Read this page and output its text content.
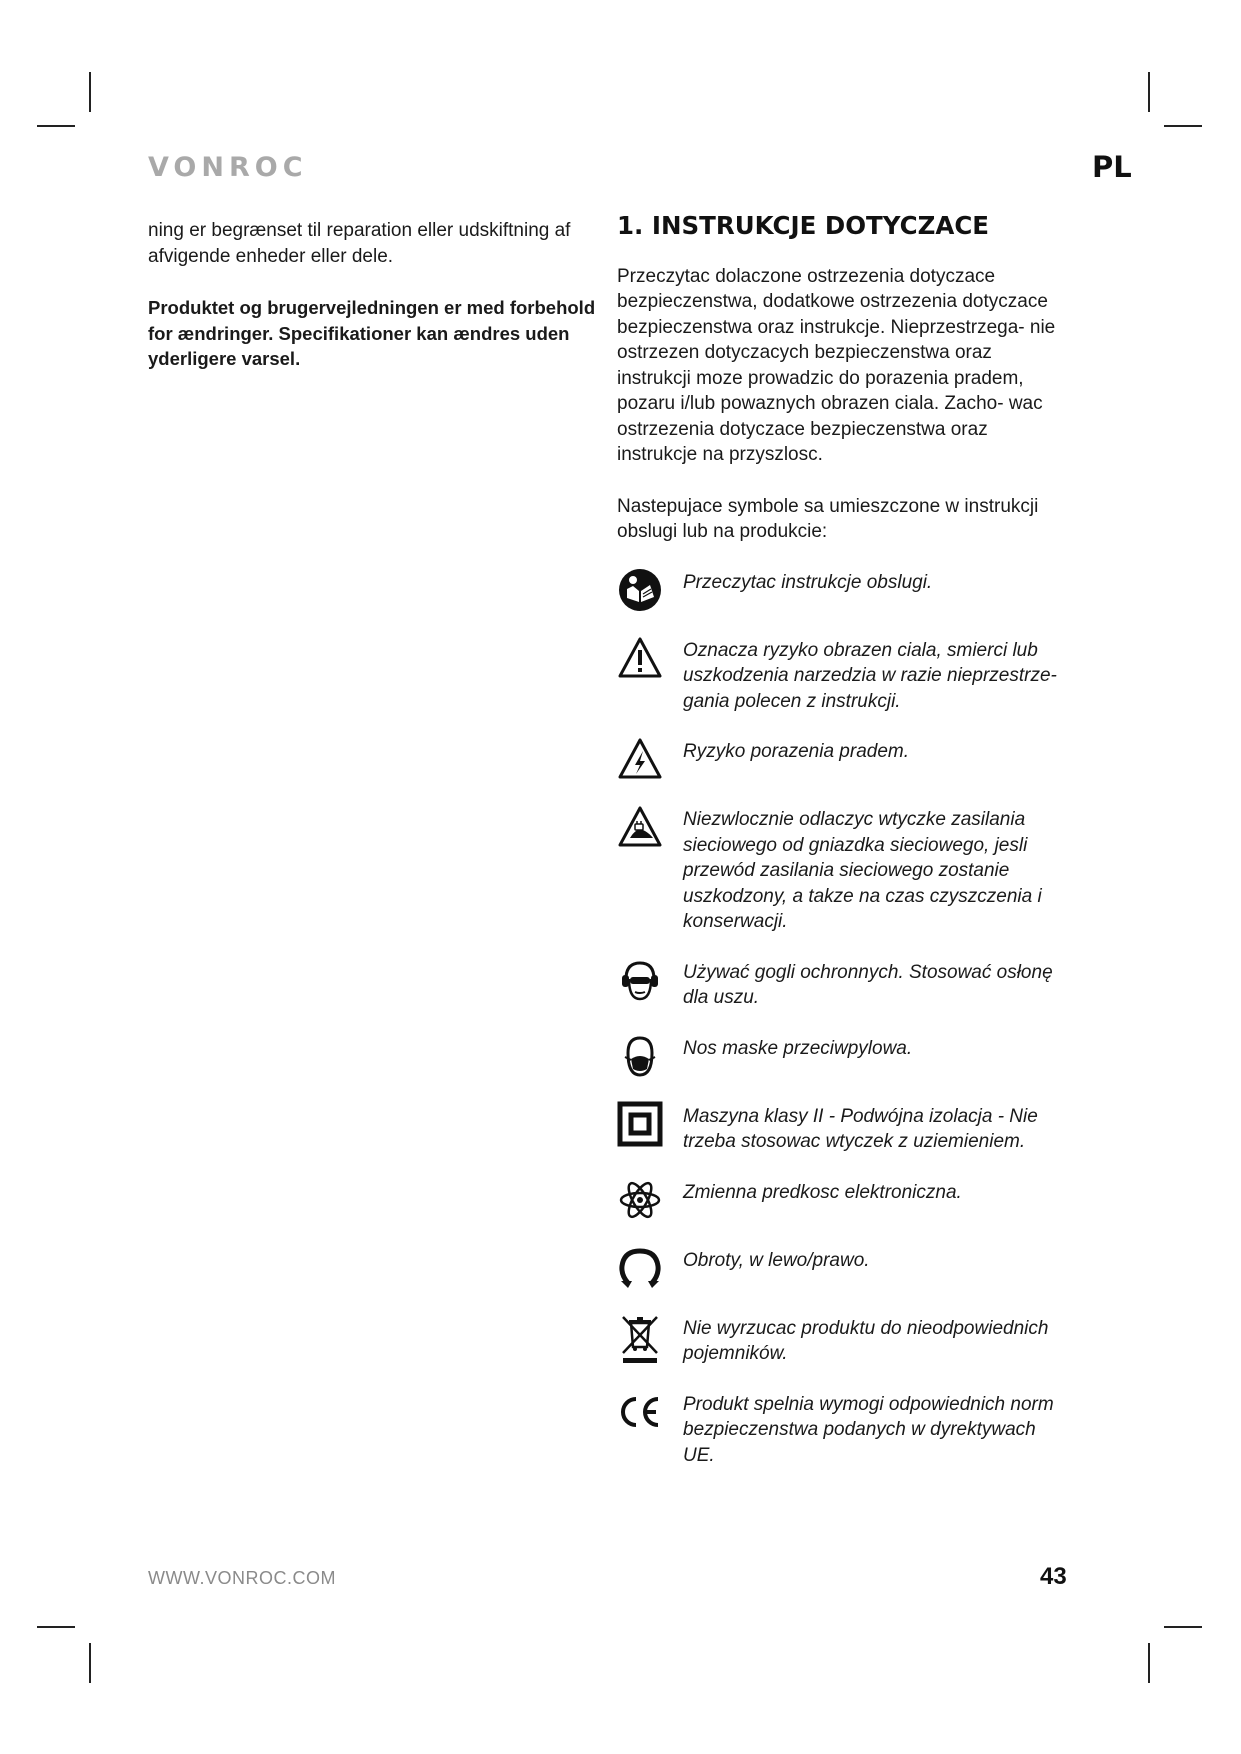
VONROC	PL

ning er begrænset til reparation eller udskiftning af afvigende enheder eller dele.

Produktet og brugervejledningen er med forbehold for ændringer. Specifikationer kan ændres uden yderligere varsel.

1. INSTRUKCJE DOTYCZACE

Przeczytac dolaczone ostrzezenia dotyczace bezpieczenstwa, dodatkowe ostrzezenia dotyczace bezpieczenstwa oraz instrukcje. Nieprzestrzega- nie ostrzezen dotyczacych bezpieczenstwa oraz instrukcji moze prowadzic do porazenia pradem, pozaru i/lub powaznych obrazen ciala. Zacho- wac ostrzezenia dotyczace bezpieczenstwa oraz instrukcje na przyszlosc.

Nastepujace symbole sa umieszczone w instrukcji obslugi lub na produkcie:

Przeczytac instrukcje obslugi.
Oznacza ryzyko obrazen ciala, smierci lub uszkodzenia narzedzia w razie nieprzestrze- gania polecen z instrukcji.
Ryzyko porazenia pradem.
Niezwlocznie odlaczyc wtyczke zasilania sieciowego od gniazdka sieciowego, jesli przewód zasilania sieciowego zostanie uszkodzony, a takze na czas czyszczenia i konserwacji.
Używać gogli ochronnych. Stosować osłonę dla uszu.
Nos maske przeciwpylowa.
Maszyna klasy II - Podwójna izolacja - Nie trzeba stosowac wtyczek z uziemieniem.
Zmienna predkosc elektroniczna.
Obroty, w lewo/prawo.
Nie wyrzucac produktu do nieodpowiednich pojemników.
Produkt spelnia wymogi odpowiednich norm bezpieczenstwa podanych w dyrektywach UE.
WWW.VONROC.COM	43
